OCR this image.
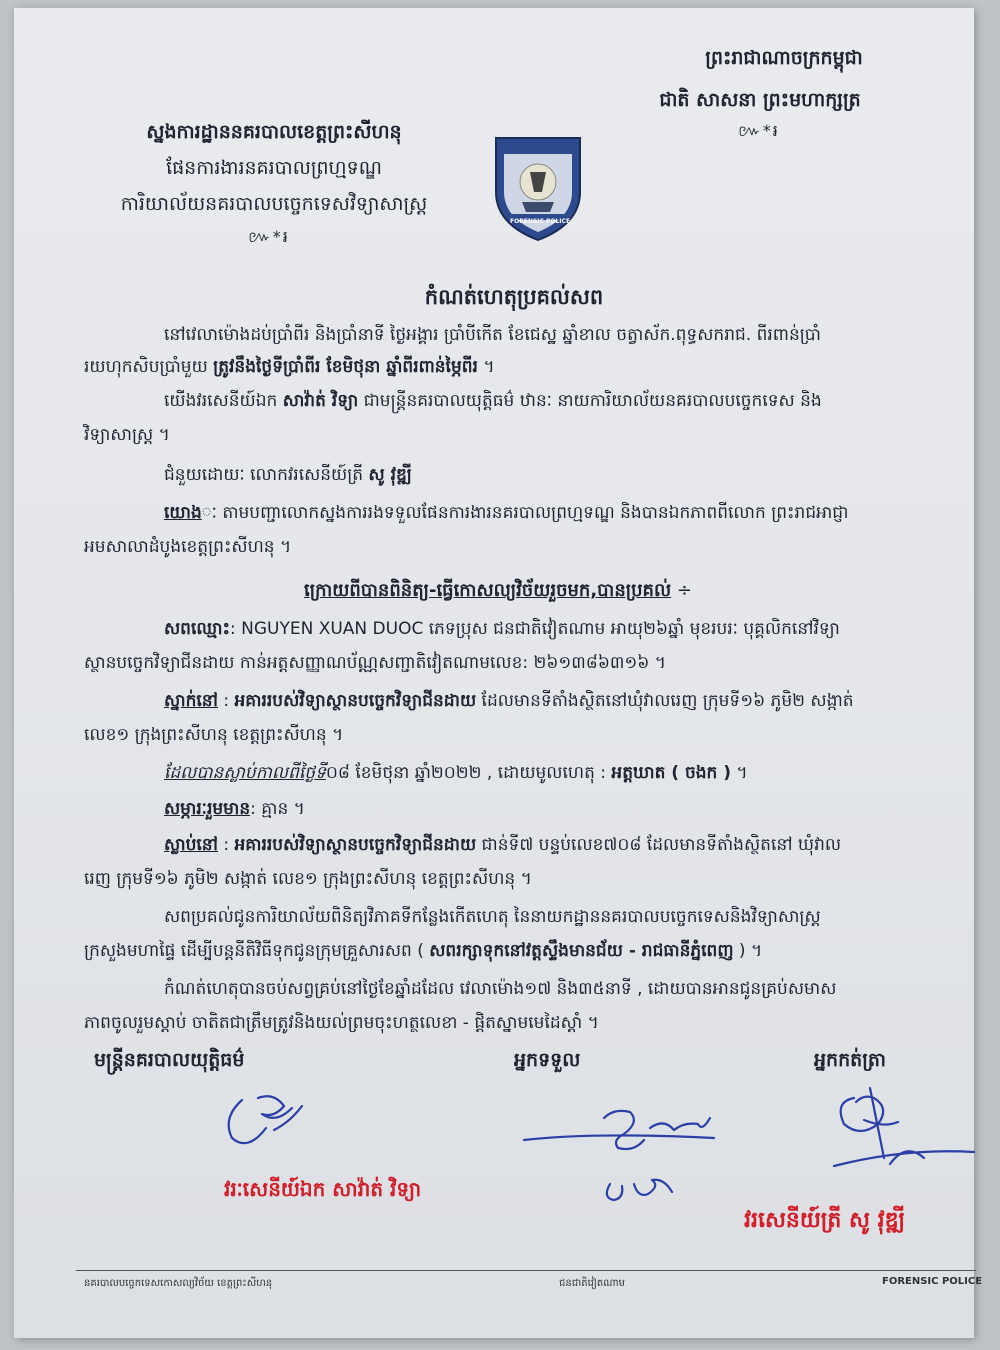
ព្រះរាជាណាចក្រកម្ពុជា
ជាតិ សាសនា ព្រះមហាក្សត្រ
៚*៛
ស្នងការដ្ឋាននគរបាលខេត្តព្រះសីហនុ
ផែនការងារនគរបាលព្រហ្មទណ្ឌ
ការិយាល័យនគរបាលបច្ចេកទេសវិទ្យាសាស្ត្រ
៚*៛
FORENSIC POLICE
កំណត់ហេតុប្រគល់សព
នៅវេលាម៉ោងដប់ប្រាំពីរ និងប្រាំនាទី ថ្ងៃអង្គារ ប្រាំបីកើត ខែជេស្ឋ ឆ្នាំខាល ចត្វាស័ក.ពុទ្ធសករាជ. ពីរពាន់ប្រាំ
រយហុកសិបប្រាំមួយ ត្រូវនឹងថ្ងៃទីប្រាំពីរ ខែមិថុនា ឆ្នាំពីរពាន់ម្ភៃពីរ ។
យើងវរសេនីយ៍ឯក សាវ៉ាត់ វិទ្យា ជាមន្ត្រីនគរបាលយុត្តិធម៌ ឋានៈ នាយការិយាល័យនគរបាលបច្ចេកទេស និង
វិទ្យាសាស្ត្រ ។
ជំនួយដោយៈ លោកវរសេនីយ៍ត្រី សូ វុឌ្ឍី
យោងៈ តាមបញ្ជាលោកស្នងការរងទទួលផែនការងារនគរបាលព្រហ្មទណ្ឌ និងបានឯកភាពពីលោក ព្រះរាជអាជ្ញា
អមសាលាដំបូងខេត្តព្រះសីហនុ ។
ក្រោយពីបានពិនិត្យ-ធ្វើកោសល្យវិច័យរួចមក,បានប្រគល់ ÷
សពឈ្មោះ: NGUYEN XUAN DUOC ភេទប្រុស ជនជាតិវៀតណាម អាយុ២៦ឆ្នាំ មុខរបរៈ បុគ្គលិកនៅវិទ្យា
ស្ថានបច្ចេកវិទ្យាជីនដាយ កាន់អត្តសញ្ញាណប័ណ្ណសញ្ជាតិវៀតណាមលេខ: ២៦១៣៨៦៣១៦ ។
ស្នាក់នៅ : អគាររបស់វិទ្យាស្ថានបច្ចេកវិទ្យាជីនដាយ ដែលមានទីតាំងស្ថិតនៅឃុំវាលរេញ ក្រុមទី១៦ ភូមិ២ សង្កាត់
លេខ១ ក្រុងព្រះសីហនុ ខេត្តព្រះសីហនុ ។
ដែលបានស្លាប់កាលពីថ្ងៃទី០៨ ខែមិថុនា ឆ្នាំ២០២២ , ដោយមូលហេតុ : អត្តឃាត ( ចងក ) ។
សម្ភារៈរួមមាន: គ្មាន ។
ស្លាប់នៅ : អគាររបស់វិទ្យាស្ថានបច្ចេកវិទ្យាជីនដាយ ជាន់ទី៧ បន្ទប់លេខ៧០៨ ដែលមានទីតាំងស្ថិតនៅ ឃុំវាល
រេញ ក្រុមទី១៦ ភូមិ២ សង្កាត់ លេខ១ ក្រុងព្រះសីហនុ ខេត្តព្រះសីហនុ ។
សពប្រគល់ជូនការិយាល័យពិនិត្យវិភាគទីកន្លែងកើតហេតុ នៃនាយកដ្ឋាននគរបាលបច្ចេកទេសនិងវិទ្យាសាស្ត្រ
ក្រសួងមហាផ្ទៃ ដើម្បីបន្តនីតិវិធីទុកជូនក្រុមគ្រួសារសព ( សពរក្សាទុកនៅវត្តស្ទឹងមានជ័យ - រាជធានីភ្នំពេញ ) ។
កំណត់ហេតុបានចប់សព្វគ្រប់នៅថ្ងៃខែឆ្នាំដដែល វេលាម៉ោង១៧ និង៣៥នាទី , ដោយបានអានជូនគ្រប់សមាស
ភាពចូលរួមស្តាប់ ចាតិតជាត្រឹមត្រូវនិងយល់ព្រមចុះហត្ថលេខា - ផ្តិតស្នាមមេដៃស្តាំ ។
មន្ត្រីនគរបាលយុត្តិធម៌	អ្នកទទួល	អ្នកកត់ត្រា
វរៈសេនីយ៍ឯក សាវ៉ាត់ វិទ្យា
វរសេនីយ៍ត្រី សូ វុឌ្ឍី
នគរបាលបច្ចេកទេសកោសល្យវិច័យ ខេត្តព្រះសីហនុ	ជនជាតិវៀតណាម	FORENSIC POLICE
